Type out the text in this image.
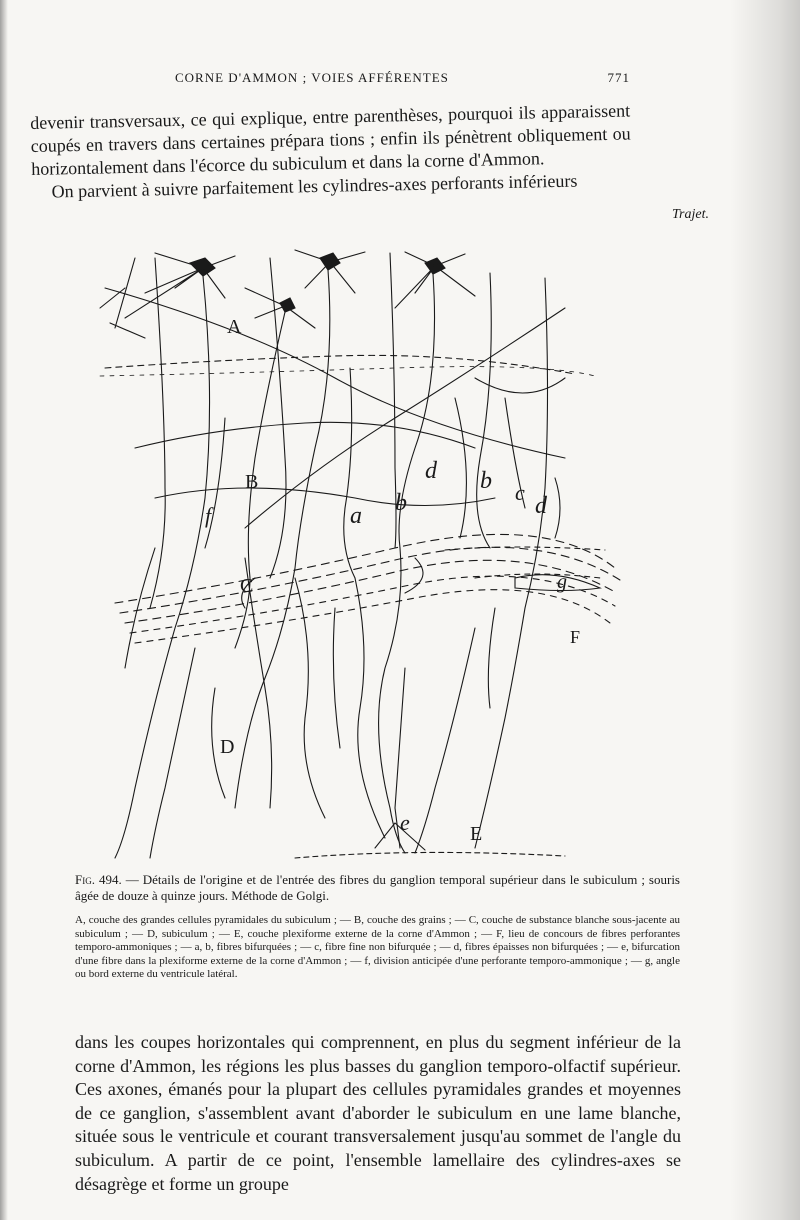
CORNE D'AMMON ; VOIES AFFÉRENTES	771

devenir transversaux, ce qui explique, entre parenthèses, pourquoi ils apparaissent coupés en travers dans certaines prépara tions ; enfin ils pénètrent obliquement ou horizontalement dans l'écorce du subiculum et dans la corne d'Ammon.

On parvient à suivre parfaitement les cylindres-axes perforants inférieurs

Trajet.
A
B
C
D
E
F
a b
b c
d
d
e
f
g
Fig. 494. — Détails de l'origine et de l'entrée des fibres du ganglion temporal supérieur dans le subiculum ; souris âgée de douze à quinze jours. Méthode de Golgi.
A, couche des grandes cellules pyramidales du subiculum ; — B, couche des grains ; — C, couche de substance blanche sous-jacente au subiculum ; — D, subiculum ; — E, couche plexiforme externe de la corne d'Ammon ; — F, lieu de concours de fibres perforantes temporo-ammoniques ; — a, b, fibres bifurquées ; — c, fibre fine non bifurquée ; — d, fibres épaisses non bifurquées ; — e, bifurcation d'une fibre dans la plexiforme externe de la corne d'Ammon ; — f, division anticipée d'une perforante temporo-ammonique ; — g, angle ou bord externe du ventricule latéral.

dans les coupes horizontales qui comprennent, en plus du segment inférieur de la corne d'Ammon, les régions les plus basses du ganglion temporo-olfactif supérieur. Ces axones, émanés pour la plupart des cellules pyramidales grandes et moyennes de ce ganglion, s'assemblent avant d'aborder le subiculum en une lame blanche, située sous le ventricule et courant transversalement jusqu'au sommet de l'angle du subiculum. A partir de ce point, l'ensemble lamellaire des cylindres-axes se désagrège et forme un groupe
